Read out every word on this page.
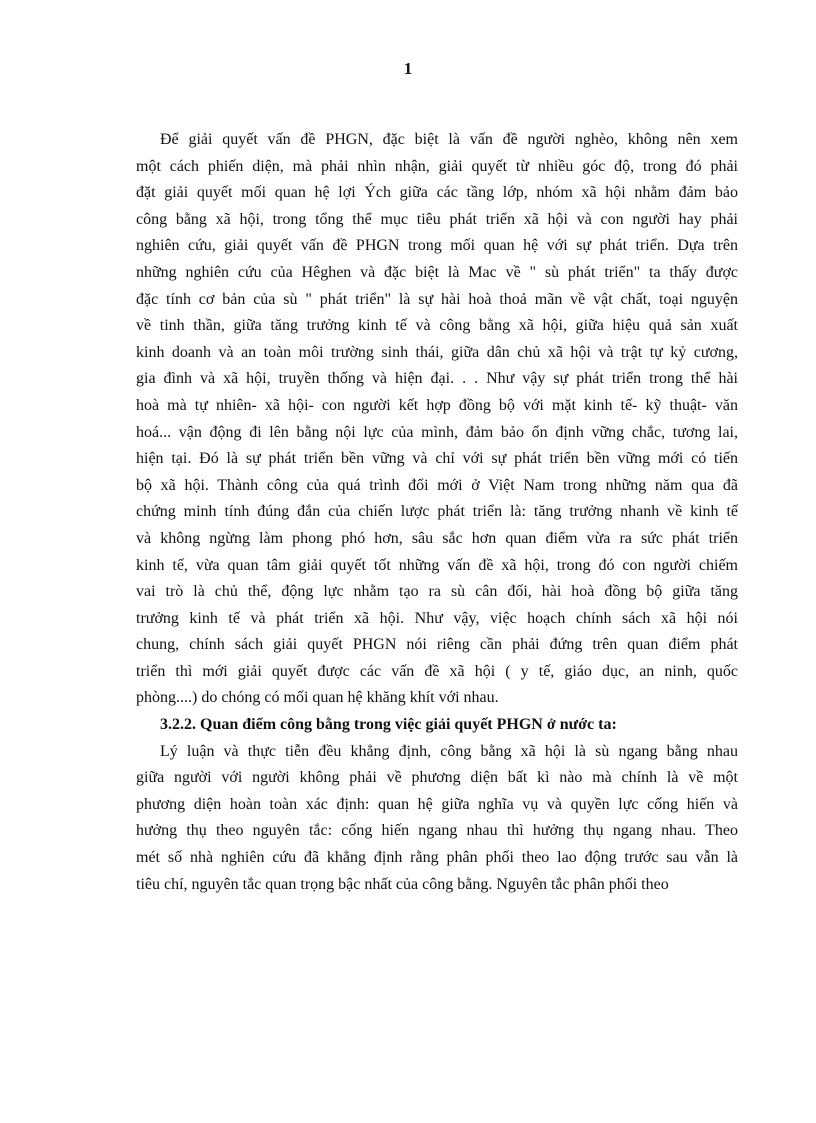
1
Để giải quyết vấn đề PHGN, đặc biệt là vấn đề người nghèo, không nên xem
một cách phiến diện, mà phải nhìn nhận, giải quyết từ nhiều góc độ, trong đó phải
đặt giải quyết mối quan hệ lợi Ých giữa các tầng lớp, nhóm xã hội nhằm đảm bảo
công bằng xã hội, trong tổng thể mục tiêu phát triển xã hội và con người hay phải
nghiên cứu, giải quyết vấn đề PHGN trong mối quan hệ với sự phát triển. Dựa trên
những nghiên cứu của Hêghen và đặc biệt là Mac về " sù phát triển" ta thấy được
đặc tính cơ bản của sù " phát triển" là sự hài hoà thoả mãn về vật chất, toại nguyện
về tinh thần, giữa tăng trưởng kinh tế và công bằng xã hội, giữa hiệu quả sản xuất
kinh doanh và an toàn môi trường sinh thái, giữa dân chủ xã hội và trật tự kỷ cương,
gia đình và xã hội, truyền thống và hiện đại. . . Như vậy sự phát triển trong thể hài
hoà mà tự nhiên- xã hội- con người kết hợp đồng bộ với mặt kinh tế- kỹ thuật- văn
hoá... vận động đi lên bằng nội lực của mình, đảm bảo ổn định vững chắc, tương lai,
hiện tại. Đó là sự phát triển bền vững và chỉ với sự phát triển bền vững mới có tiến
bộ xã hội. Thành công của quá trình đổi mới ở Việt Nam trong những năm qua đã
chứng minh tính đúng đắn của chiến lược phát triển là: tăng trưởng nhanh về kinh tế
và không ngừng làm phong phó hơn, sâu sắc hơn quan điểm vừa ra sức phát triển
kinh tế, vừa quan tâm giải quyết tốt những vấn đề xã hội, trong đó con người chiếm
vai trò là chủ thể, động lực nhằm tạo ra sù cân đối, hài hoà đồng bộ giữa tăng
trưởng kinh tế và phát triển xã hội. Như vậy, việc hoạch chính sách xã hội nói
chung, chính sách giải quyết PHGN nói riêng cần phải đứng trên quan điểm phát
triển thì mới giải quyết được các vấn đề xã hội ( y tế, giáo dục, an ninh, quốc
phòng....) do chóng có mối quan hệ khăng khít với nhau.
3.2.2. Quan điểm công bằng trong việc giải quyết PHGN ở nước ta:
Lý luận và thực tiễn đều khẳng định, công bằng xã hội là sù ngang bằng nhau
giữa người với người không phải về phương diện bất kì nào mà chính là về một
phương diện hoàn toàn xác định: quan hệ giữa nghĩa vụ và quyền lực cống hiến và
hưởng thụ theo nguyên tắc: cống hiến ngang nhau thì hưởng thụ ngang nhau. Theo
mét số nhà nghiên cứu đã khẳng định rằng phân phối theo lao động trước sau vẫn là
tiêu chí, nguyên tắc quan trọng bậc nhất của công bằng. Nguyên tắc phân phối theo
